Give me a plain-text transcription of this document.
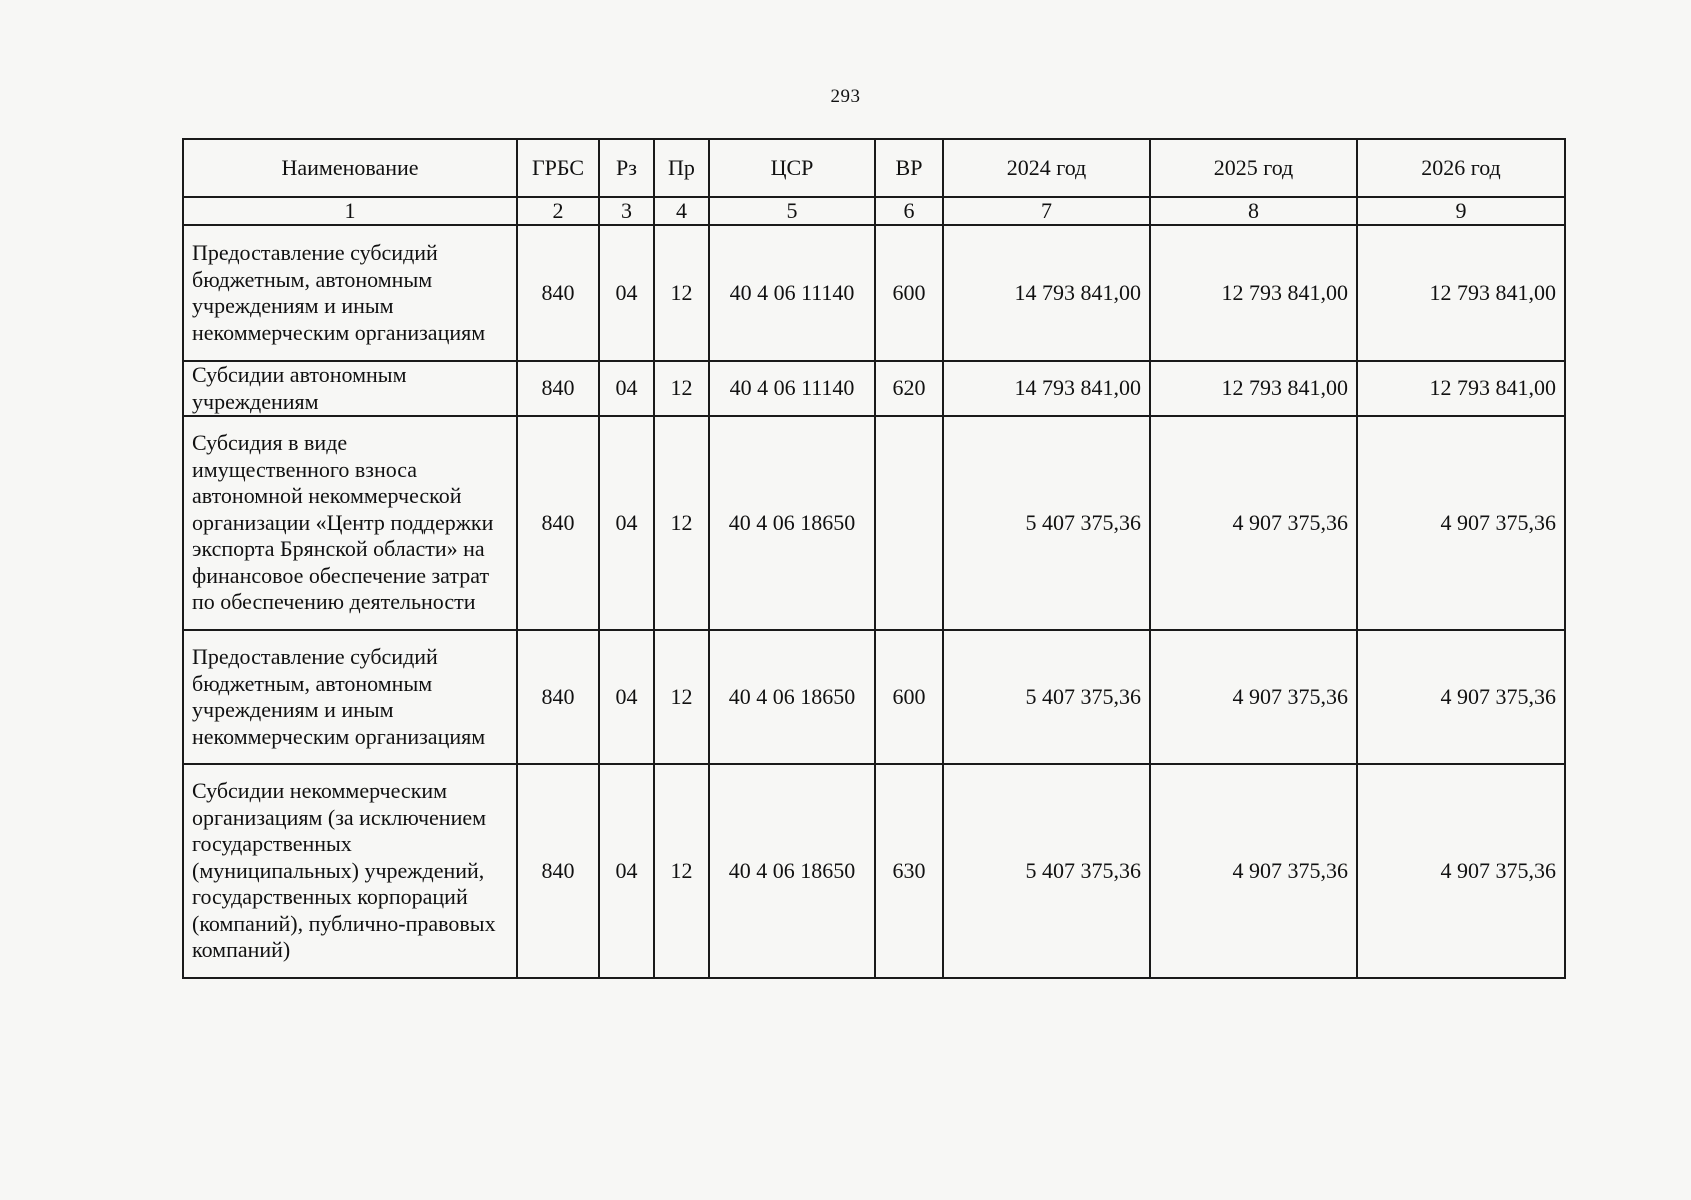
293
Наименование	ГРБС	Рз	Пр	ЦСР	ВР	2024 год	2025 год	2026 год
1	2	3	4	5	6	7	8	9
Предоставление субсидий бюджетным, автономным учреждениям и иным некоммерческим организациям	840	04	12	40 4 06 11140	600	14 793 841,00	12 793 841,00	12 793 841,00
Субсидии автономным учреждениям	840	04	12	40 4 06 11140	620	14 793 841,00	12 793 841,00	12 793 841,00
Субсидия в виде имущественного взноса автономной некоммерческой организации «Центр поддержки экспорта Брянской области» на финансовое обеспечение затрат по обеспечению деятельности	840	04	12	40 4 06 18650		5 407 375,36	4 907 375,36	4 907 375,36
Предоставление субсидий бюджетным, автономным учреждениям и иным некоммерческим организациям	840	04	12	40 4 06 18650	600	5 407 375,36	4 907 375,36	4 907 375,36
Субсидии некоммерческим организациям (за исключением государственных (муниципальных) учреждений, государственных корпораций (компаний), публично-правовых компаний)	840	04	12	40 4 06 18650	630	5 407 375,36	4 907 375,36	4 907 375,36
